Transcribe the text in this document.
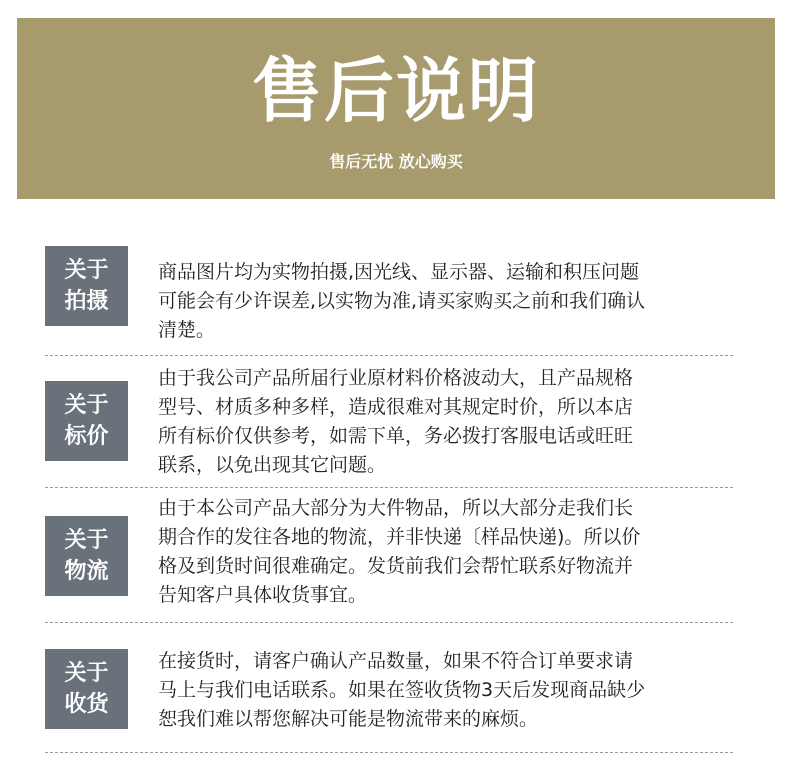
售后说明
售后无忧 放心购买
关于
拍摄
商品图片均为实物拍摄,因光线、显示器、运输和积压问题
可能会有少许误差,以实物为准,请买家购买之前和我们确认
清楚。
关于
标价
由于我公司产品所届行业原材料价格波动大，且产品规格
型号、材质多种多样，造成很难对其规定时价，所以本店
所有标价仅供参考，如需下单，务必拨打客服电话或旺旺
联系，以免出现其它问题。
关于
物流
由于本公司产品大部分为大件物品，所以大部分走我们长
期合作的发往各地的物流，并非快递〔样品快递)。所以价
格及到货时间很难确定。发货前我们会帮忙联系好物流并
告知客户具体收货事宜。
关于
收货
在接货时，请客户确认产品数量，如果不符合订单要求请
马上与我们电话联系。如果在签收货物3天后发现商品缺少
恕我们难以帮您解决可能是物流带来的麻烦。
